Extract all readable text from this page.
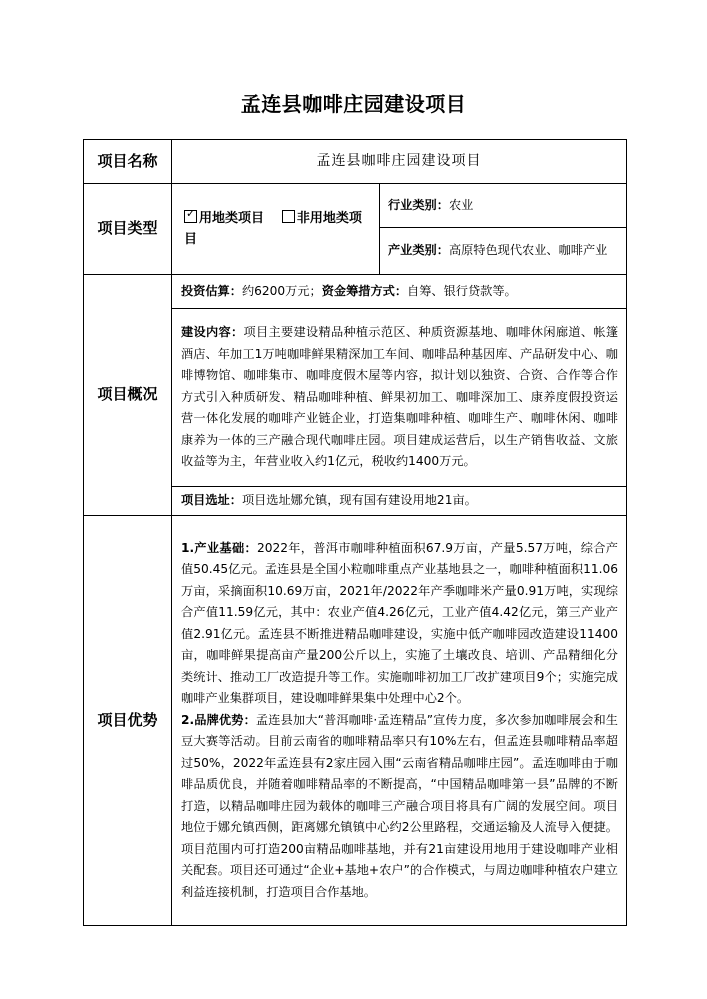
孟连县咖啡庄园建设项目
项目名称	孟连县咖啡庄园建设项目	
项目类型	✓ 用地类项目 非用地类项目	行业类别：农业
		产业类别：高原特色现代农业、咖啡产业
项目概况	投资估算：约6200万元；资金筹措方式：自筹、银行贷款等。	
	建设内容：项目主要建设精品种植示范区、种质资源基地、咖啡休闲廊道、帐篷酒店、年加工1万吨咖啡鲜果精深加工车间、咖啡品种基因库、产品研发中心、咖啡博物馆、咖啡集市、咖啡度假木屋等内容，拟计划以独资、合资、合作等合作方式引入种质研发、精品咖啡种植、鲜果初加工、咖啡深加工、康养度假投资运营一体化发展的咖啡产业链企业，打造集咖啡种植、咖啡生产、咖啡休闲、咖啡康养为一体的三产融合现代咖啡庄园。项目建成运营后，以生产销售收益、文旅收益等为主，年营业收入约1亿元，税收约1400万元。	
	项目选址：项目选址娜允镇，现有国有建设用地21亩。	
项目优势	1.产业基础：2022年，普洱市咖啡种植面积67.9万亩，产量5.57万吨，综合产值50.45亿元。孟连县是全国小粒咖啡重点产业基地县之一，咖啡种植面积11.06万亩，采摘面积10.69万亩，2021年/2022年产季咖啡米产量0.91万吨，实现综合产值11.59亿元，其中：农业产值4.26亿元，工业产值4.42亿元，第三产业产值2.91亿元。孟连县不断推进精品咖啡建设，实施中低产咖啡园改造建设11400亩，咖啡鲜果提高亩产量200公斤以上，实施了土壤改良、培训、产品精细化分类统计、推动工厂改造提升等工作。实施咖啡初加工厂改扩建项目9个；实施完成咖啡产业集群项目，建设咖啡鲜果集中处理中心2个。

2.品牌优势：孟连县加大“普洱咖啡·孟连精品”宣传力度，多次参加咖啡展会和生豆大赛等活动。目前云南省的咖啡精品率只有10%左右，但孟连县咖啡精品率超过50%，2022年孟连县有2家庄园入围“云南省精品咖啡庄园”。孟连咖啡由于咖啡品质优良，并随着咖啡精品率的不断提高，“中国精品咖啡第一县”品牌的不断打造，以精品咖啡庄园为载体的咖啡三产融合项目将具有广阔的发展空间。项目地位于娜允镇西侧，距离娜允镇镇中心约2公里路程，交通运输及人流导入便捷。项目范围内可打造200亩精品咖啡基地，并有21亩建设用地用于建设咖啡产业相关配套。项目还可通过“企业+基地+农户”的合作模式，与周边咖啡种植农户建立利益连接机制，打造项目合作基地。	
